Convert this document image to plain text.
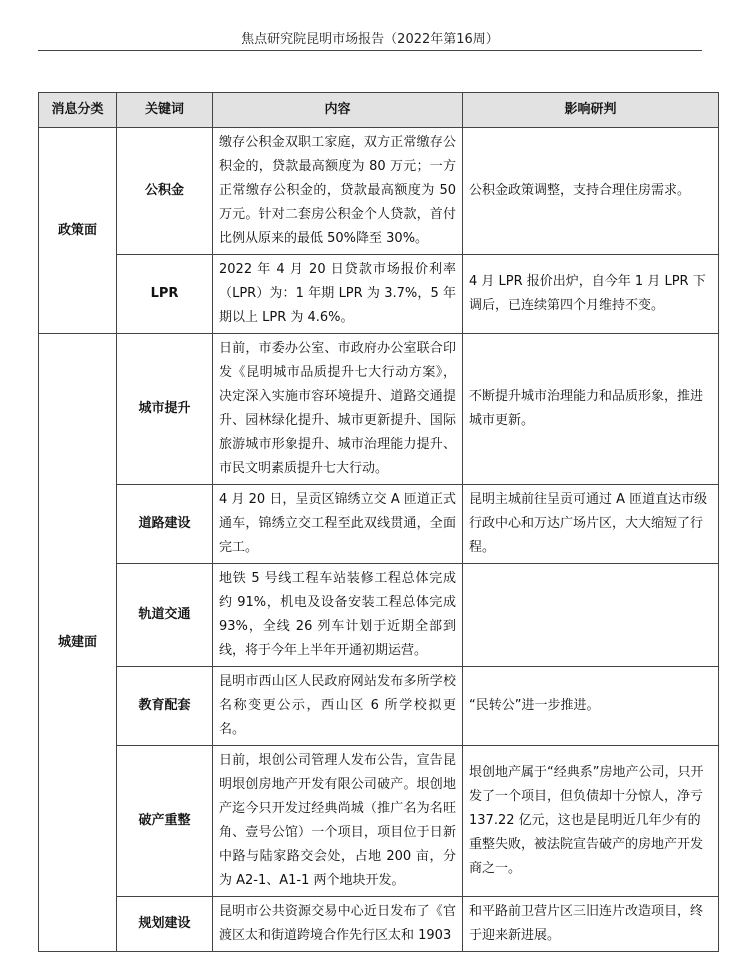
焦点研究院昆明市场报告（2022年第16周）
消息分类	关键词	内容	影响研判
政策面	公积金	缴存公积金双职工家庭，双方正常缴存公积金的，贷款最高额度为 80 万元；一方正常缴存公积金的，贷款最高额度为 50 万元。针对二套房公积金个人贷款，首付比例从原来的最低 50%降至 30%。	公积金政策调整，支持合理住房需求。
	LPR	2022 年 4 月 20 日贷款市场报价利率（LPR）为：1 年期 LPR 为 3.7%，5 年期以上 LPR 为 4.6%。	4 月 LPR 报价出炉，自今年 1 月 LPR 下调后，已连续第四个月维持不变。
城建面	城市提升	日前，市委办公室、市政府办公室联合印发《昆明城市品质提升七大行动方案》，决定深入实施市容环境提升、道路交通提升、园林绿化提升、城市更新提升、国际旅游城市形象提升、城市治理能力提升、市民文明素质提升七大行动。	不断提升城市治理能力和品质形象，推进城市更新。
	道路建设	4 月 20 日，呈贡区锦绣立交 A 匝道正式通车，锦绣立交工程至此双线贯通，全面完工。	昆明主城前往呈贡可通过 A 匝道直达市级行政中心和万达广场片区，大大缩短了行程。
	轨道交通	地铁 5 号线工程车站装修工程总体完成约 91%，机电及设备安装工程总体完成 93%，全线 26 列车计划于近期全部到线，将于今年上半年开通初期运营。	
	教育配套	昆明市西山区人民政府网站发布多所学校名称变更公示，西山区 6 所学校拟更名。	“民转公”进一步推进。
	破产重整	日前，垠创公司管理人发布公告，宣告昆明垠创房地产开发有限公司破产。垠创地产迄今只开发过经典尚城（推广名为名旺角、壹号公馆）一个项目，项目位于日新中路与陆家路交会处，占地 200 亩，分为 A2-1、A1-1 两个地块开发。	垠创地产属于“经典系”房地产公司，只开发了一个项目，但负债却十分惊人，净亏 137.22 亿元，这也是昆明近几年少有的重整失败，被法院宣告破产的房地产开发商之一。
	规划建设	昆明市公共资源交易中心近日发布了《官渡区太和街道跨境合作先行区太和 1903	和平路前卫营片区三旧连片改造项目，终于迎来新进展。
